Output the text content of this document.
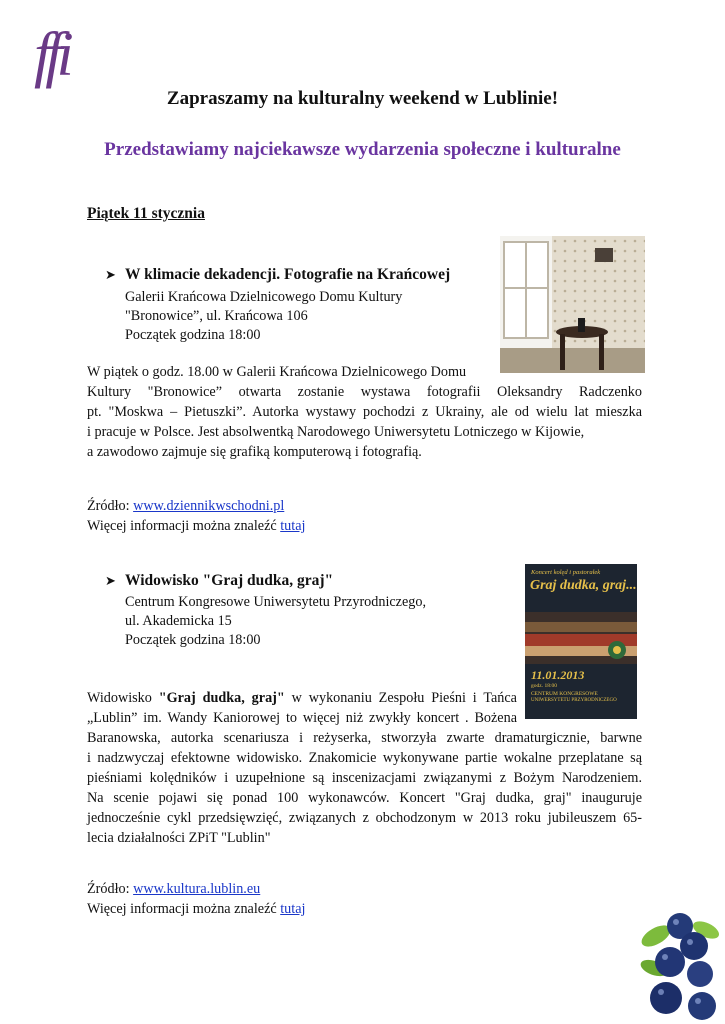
ffi
Zapraszamy na kulturalny weekend w Lublinie!
Przedstawiamy najciekawsze wydarzenia społeczne i kulturalne
Piątek 11 stycznia
➤ W klimacie dekadencji. Fotografie na Krańcowej
Galerii Krańcowa Dzielnicowego Domu Kultury
"Bronowice”, ul. Krańcowa 106
Początek godzina 18:00
W piątek o godz. 18.00 w Galerii Krańcowa Dzielnicowego Domu
Kultury "Bronowice” otwarta zostanie wystawa fotografii Oleksandry Radczenko
pt. "Moskwa – Pietuszki”. Autorka wystawy pochodzi z Ukrainy, ale od wielu lat mieszka
i pracuje w Polsce. Jest absolwentką Narodowego Uniwersytetu Lotniczego w Kijowie,
a zawodowo zajmuje się grafiką komputerową i fotografią.
Źródło: www.dziennikwschodni.pl
Więcej informacji można znaleźć tutaj
➤ Widowisko "Graj dudka, graj"
Centrum Kongresowe Uniwersytetu Przyrodniczego,
ul. Akademicka 15
Początek godzina 18:00
Koncert kolęd i pastorałek
Graj dudka, graj...
11.01.2013
godz. 18:00
CENTRUM KONGRESOWE
UNIWERSYTETU PRZYRODNICZEGO
Widowisko "Graj dudka, graj" w wykonaniu Zespołu Pieśni i Tańca
„Lublin” im. Wandy Kaniorowej to więcej niż zwykły koncert . Bożena
Baranowska, autorka scenariusza i reżyserka, stworzyła zwarte dramaturgicznie, barwne
i nadzwyczaj efektowne widowisko. Znakomicie wykonywane partie wokalne przeplatane są
pieśniami kolędników i uzupełnione są inscenizacjami związanymi z Bożym Narodzeniem.
Na scenie pojawi się ponad 100 wykonawców. Koncert "Graj dudka, graj" inauguruje
jednocześnie cykl przedsięwzięć, związanych z obchodzonym w 2013 roku jubileuszem 65-
lecia działalności ZPiT "Lublin"
Źródło: www.kultura.lublin.eu
Więcej informacji można znaleźć tutaj
